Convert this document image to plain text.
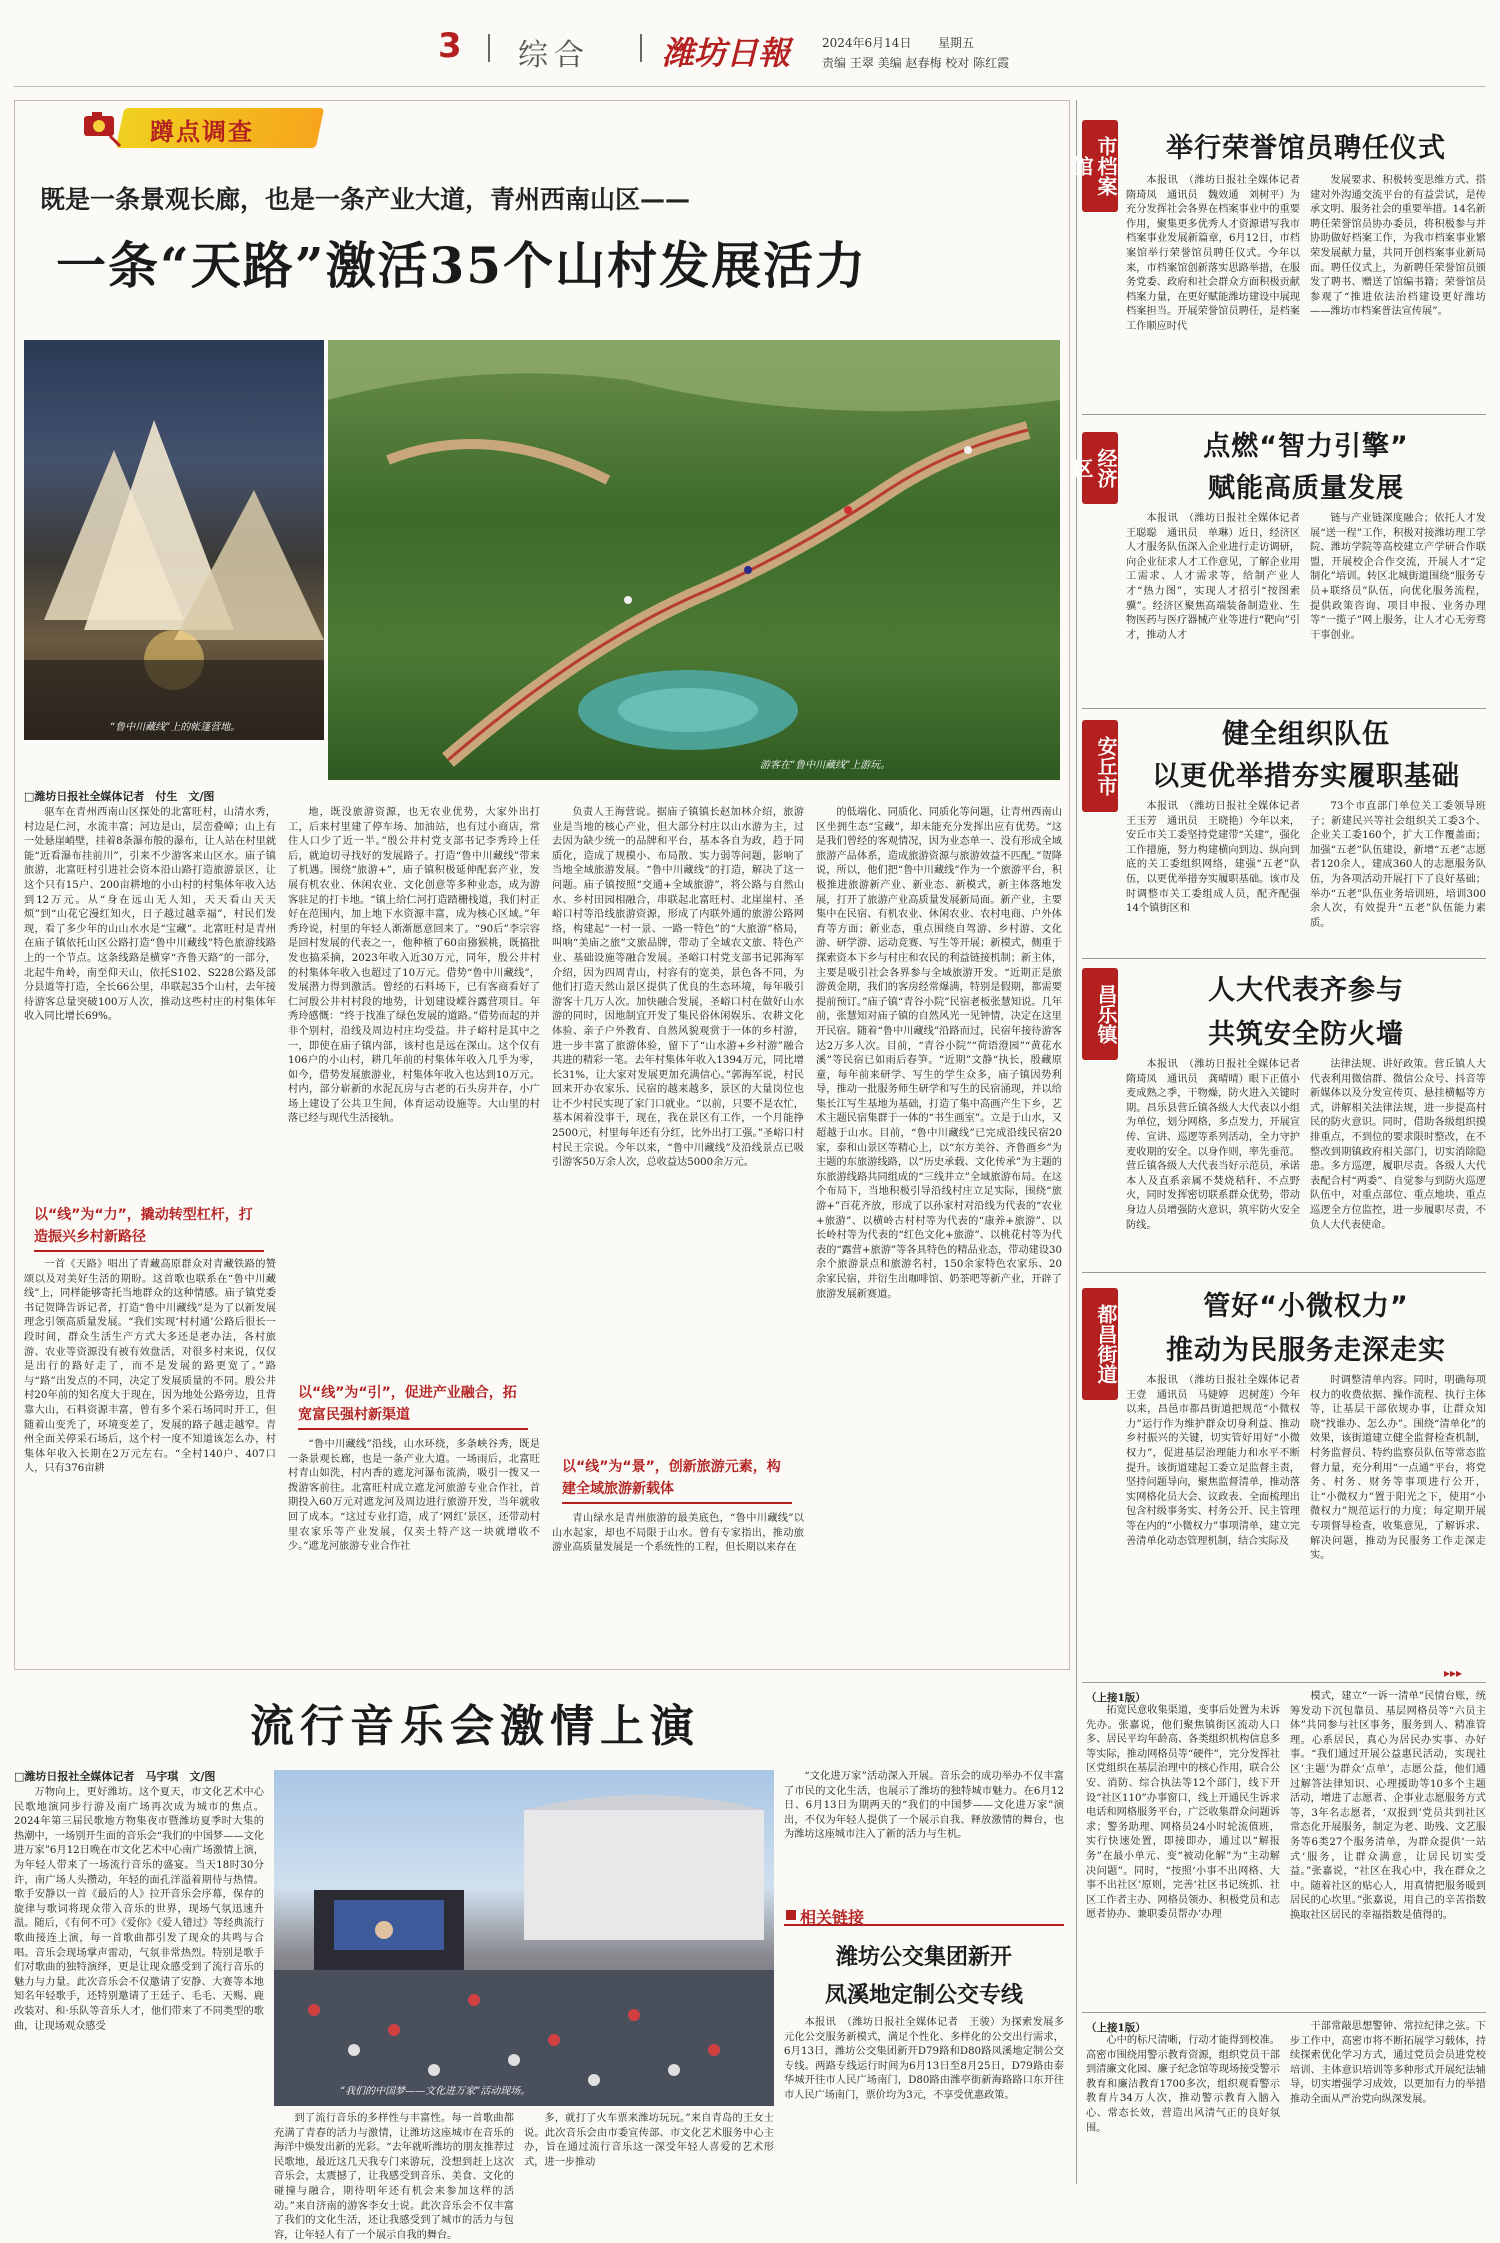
3 综合 潍坊日報	2024年6月14日 星期五
责编 王翠 美编 赵春梅 校对 陈红霞
蹲点调查
既是一条景观长廊，也是一条产业大道，青州西南山区——
一条“天路”激活35个山村发展活力
“鲁中川藏线”上的帐篷营地。
游客在“鲁中川藏线”上游玩。
□潍坊日报社全媒体记者　付生　文/图
驱车在青州西南山区探处的北富旺村，山清水秀，村边是仁河，水流丰富；河边是山，层峦叠嶂；山上有一处悬崖峭壁，挂着8条瀑布般的瀑布，让人站在村里就能“近看瀑布挂前川”，引来不少游客来山区水。庙子镇旅游，北富旺村引进社会资本沿山路打造旅游景区，让这个只有15户、200亩耕地的小山村的村集体年收入达到12万元。从“身在远山无人知，天天看山天天烦”到“山花它漫红知火，日子越过越幸福”，村民们发现，看了多少年的山山水水是“宝藏”。北富旺村是青州在庙子镇依托山区公路打造“鲁中川藏线”特色旅游线路上的一个节点。这条线路是横穿“齐鲁天路”的一部分，北起牛角岭，南至仰天山，依托S102、S228公路及部分县道等打造，全长66公里，串联起35个山村，去年接待游客总量突破100万人次，推动这些村庄的村集体年收入同比增长69%。
以“线”为“力”，撬动转型杠杆，打造振兴乡村新路径
一首《天路》唱出了青藏高原群众对青藏铁路的赞颂以及对美好生活的期盼。这首歌也联系在“鲁中川藏线”上，同样能够寄托当地群众的这种情感。庙子镇党委书记贺降告诉记者，打造“鲁中川藏线”是为了以新发展理念引领高质量发展。“我们实现‘村村通’公路后很长一段时间，群众生活生产方式大多还是老办法，各村旅游、农业等资源没有被有效盘活，对很多村来说，仅仅是出行的路好走了，而不是发展的路更宽了。”路与“路”出发点的不同，决定了发展质量的不同。殷公井村20年前的知名度大于现在，因为地处公路旁边，且背靠大山，石料资源丰富，曾有多个采石场同时开工，但随着山变秃了，环境变差了，发展的路子越走越窄。青州全面关停采石场后，这个村一度不知道该怎么办，村集体年收入长期在2万元左右。“全村140户、407口人，只有376亩耕
地，既没旅游资源，也无农业优势，大家外出打工，后来村里建了停车场、加油站，也有过小商店，常住人口少了近一半。”殷公井村党支部书记李秀玲上任后，就迫切寻找好的发展路子。打造“鲁中川藏线”带来了机遇。围绕“旅游+”，庙子镇积极延伸配套产业，发展有机农业、休闲农业、文化创意等多种业态，成为游客驻足的打卡地。“镇上给仁河打造踏栅栈道，我们村正好在范围内，加上地下水资源丰富，成为核心区域。”年秀玲说，村里的年轻人渐渐愿意回来了。“90后”李宗容是回村发展的代表之一，他种植了60亩猕猴桃，既搞批发也搞采摘，2023年收入近30万元，同年，殷公井村的村集体年收入也超过了10万元。借势“鲁中川藏线”，发展潜力得到激活。曾经的石料场下，已有客商看好了仁河殷公井村村段的地势，计划建设嵘谷露营项目。年秀玲感慨：“终于找准了绿色发展的道路。”借势而起的并非个别村，沿线及周边村庄均受益。井子峪村是其中之一，即使在庙子镇内部，该村也是远在深山。这个仅有106户的小山村，耕几年前的村集体年收入几乎为零，如今，借势发展旅游业，村集体年收入也达到10万元。村内，部分崭新的水泥瓦房与古老的石头房并存，小广场上建设了公共卫生间，体育运动设施等。大山里的村落已经与现代生活接轨。
以“线”为“引”，促进产业融合，拓宽富民强村新渠道
“鲁中川藏线”沿线，山水环绕，多条峡谷秀，既是一条景观长廊，也是一条产业大道。一场雨后，北富旺村青山如洗，村内香的遮龙河瀑布流淌，吸引一拨又一拨游客前往。北富旺村成立遮龙河旅游专业合作社，首期投入60万元对遮龙河及周边进行旅游开发，当年就收回了成本。“这过专业打造，成了‘网红’景区，还带动村里农家乐等产业发展，仅卖土特产这一块就增收不少。”遮龙河旅游专业合作社
负责人王海营说。据庙子镇镇长赵加林介绍，旅游业是当地的核心产业，但大部分村庄以山水游为主，过去因为缺少统一的品牌和平台，基本各自为政，趋于同质化，造成了规模小、布局散、实力弱等问题，影响了当地全域旅游发展。“鲁中川藏线”的打造，解决了这一问题。庙子镇按照“交通+全域旅游”，将公路与自然山水、乡村田园相融合，串联起北富旺村、北崖崖村、圣峪口村等沿线旅游资源，形成了内联外通的旅游公路网络，构建起“一村一景、一路一特色”的“大旅游”格局，叫响“美庙之旅”文旅品牌，带动了全域农文旅、特色产业、基础设施等融合发展。圣峪口村党支部书记郭海军介绍，因为四周青山，村容有的宽美，景色各不同，为他们打造天然山景区提供了优良的生态环境，每年吸引游客十几万人次。加快融合发展，圣峪口村在做好山水游的同时，因地制宜开发了集民俗休闲娱乐、农耕文化体验、亲子户外教育、自然风貌观赏于一体的乡村游，进一步丰富了旅游体验，留下了“山水游+乡村游”融合共进的精彩一笔。去年村集体年收入1394万元，同比增长31%，让大家对发展更加充满信心。”郭海军说，村民回来开办农家乐、民宿的越来越多，景区的大量岗位也让不少村民实现了家门口就业。“以前，只要不是农忙，基本闲着没事干，现在，我在景区有工作，一个月能挣2500元，村里每年还有分红，比外出打工强。”圣峪口村村民王宗说。今年以来，“鲁中川藏线”及沿线景点已吸引游客50万余人次，总收益达5000余万元。
以“线”为“景”，创新旅游元素，构建全域旅游新载体
青山绿水是青州旅游的最美底色，“鲁中川藏线”以山水起家，却也不局限于山水。曾有专家指出，推动旅游业高质量发展是一个系统性的工程，但长期以来存在
的低端化、同质化、同质化等问题，让青州西南山区坐拥生态“宝藏”，却未能充分发挥出应有优势。“这是我们曾经的客观情况，因为业态单一、没有形成全域旅游产品体系，造成旅游资源与旅游效益不匹配。”贺降说，所以，他们把“鲁中川藏线”作为一个旅游平台，积极推进旅游新产业、新业态、新模式，新主体落地发展，打开了旅游产业高质量发展新局面。新产业，主要集中在民宿、有机农业、休闲农业、农村电商、户外体育等方面；新业态，重点围绕自驾游、乡村游、文化游、研学游、运动竞赛、写生等开展；新模式，侧重于探索资本下乡与村庄和农民的利益链接机制；新主体，主要是吸引社会各界参与全域旅游开发。“近期正是旅游黄金期，我们的客房经常爆满，特别是假期，都需要提前预订。”庙子镇“青谷小院”民宿老板张慧知说。几年前，张慧知对庙子镇的自然风光一见钟情，决定在这里开民宿。随着“鲁中川藏线”沿路而过，民宿年接待游客达2万多人次。目前，“青谷小院”“荷语澄园”“黄花水溪”等民宿已如雨后春笋。“近期”文静“执长，殷藏原童，每年前来研学、写生的学生众多，庙子镇因势利导，推动一批服务师生研学和写生的民宿涌现，并以给集长江写生基地为基础，打造了集中高画产生下乡，艺术主题民宿集群于一体的“书生画室”。立是于山水，又超越于山水。目前，“鲁中川藏线”已完成沿线民宿20家，泰和山景区等精心上，以“东方美谷、齐鲁画乡”为主题的东旅游线路，以“历史承载、文化传承”为主题的东旅游线路共同组成的“三线并立”全域旅游布局。在这个布局下，当地积极引导沿线村庄立足实际，围绕“旅游+”百花齐放，形成了以孙家村对沿线为代表的“农业+旅游”、以横岭古村村等为代表的“康养+旅游”、以长岭村等为代表的“红色文化+旅游”、以桃花村等为代表的“露营+旅游”等各具特色的精品业态，带动建设30余个旅游景点和旅游名村，150余家特色农家乐、20余家民宿，并衍生出咖啡馆、奶茶吧等新产业，开辟了旅游发展新赛道。
流行音乐会激情上演
□潍坊日报社全媒体记者　马宇琪　文/图
万物向上，更好潍坊。这个夏天，市文化艺术中心民歌地演同步行游及南广场再次成为城市的焦点。2024年第三届民歌地方物集夜市暨潍坊夏季时大集的热潮中，一场别开生面的音乐会“我们的中国梦——文化进万家”6月12日晚在市文化艺术中心南广场激情上演，为年轻人带来了一场流行音乐的盛宴。当天18时30分许，南广场人头攒动，年轻的面孔洋溢着期待与热情。歌手安静以一首《最后的人》拉开音乐会序幕，保存的旋律与歌词将现众带入音乐的世界，现场气氛迅速升温。随后，《有何不可》《爱你》《爱人错过》等经典流行歌曲接连上演，每一首歌曲都引发了现众的共鸣与合唱。音乐会现场掌声雷动，气氛非常热烈。特别是歌手们对歌曲的独特演绎，更是让现众感受到了流行音乐的魅力与力量。此次音乐会不仅邀请了安静、大赛等本地知名年轻歌手，还特别邀请了王廷子、毛毛、天赐、鹿改装对、和·乐队等音乐人才，他们带来了不同类型的歌曲，让现场观众感受
“我们的中国梦——文化进万家”活动现场。
到了流行音乐的多样性与丰富性。每一首歌曲都充满了青春的活力与激情，让潍坊这座城市在音乐的海洋中焕发出新的光彩。“去年就听潍坊的朋友推荐过民歌地，最近这几天我专门来游玩，没想到赶上这次音乐会，太震撼了，让我感受到音乐、美食、文化的碰撞与融合，期待明年还有机会来参加这样的活动。”来自济南的游客李女士说。此次音乐会不仅丰富了我们的文化生活，还让我感受到了城市的活力与包容，让年轻人有了一个展示自我的舞台。
多，就打了火车票来潍坊玩玩。”来自青岛的王女士说。此次音乐会由市委宣传部、市文化艺术服务中心主办，旨在通过流行音乐这一深受年轻人喜爱的艺术形式，进一步推动
“文化进万家”活动深入开展。音乐会的成功举办不仅丰富了市民的文化生活，也展示了潍坊的独特城市魅力。在6月12日、6月13日为期两天的“我们的中国梦——文化进万家”演出，不仅为年轻人提供了一个展示自我、释放激情的舞台，也为潍坊这座城市注入了新的活力与生机。
相关链接
潍坊公交集团新开
凤溪地定制公交专线
本报讯　（潍坊日报社全媒体记者　王骏）为探索发展多元化公交服务新模式，满足个性化、多样化的公交出行需求，6月13日，潍坊公交集团新开D79路和D80路凤溪地定制公交专线。两路专线运行时间为6月13日至8月25日，D79路由泰华城开往市人民广场南门，D80路由潍亭街新海路路口东开往市人民广场南门，票价均为3元，不享受优惠政策。
市档案馆
举行荣誉馆员聘任仪式
本报讯　（潍坊日报社全媒体记者　隋琦凤　通讯员　魏效通　刘树平）为充分发挥社会各界在档案事业中的重要作用，聚集更多优秀人才资源谱写我市档案事业发展新篇章，6月12日，市档案馆举行荣誉馆员聘任仪式。今年以来，市档案馆创新落实思路举措，在服务党委、政府和社会群众方面积极贡献档案力量，在更好赋能潍坊建设中展现档案担当。开展荣誉馆员聘任，是档案工作顺应时代
发展要求、积极转变思维方式、搭建对外沟通交流平台的有益尝试，是传承文明、服务社会的重要举措。14名新聘任荣誉馆员协办委员，将积极参与并协助做好档案工作，为我市档案事业繁荣发展献力量，共同开创档案事业新局面。聘任仪式上，为新聘任荣誉馆员颁发了聘书、赠送了馆编书籍；荣誉馆员参观了“推进依法治档建设更好潍坊——潍坊市档案普法宣传展”。
经济区
点燃“智力引擎”
赋能高质量发展
本报讯　（潍坊日报社全媒体记者　王聪聪　通讯员　单琳）近日，经济区人才服务队伍深入企业进行走访调研，向企业征求人才工作意见，了解企业用工需求、人才需求等，给制产业人才“热力图”，实现人才招引“按图索骥”。经济区聚焦高端装备制造业、生物医药与医疗器械产业等进行“靶向”引才，推动人才
链与产业链深度融合；依托人才发展“送一程”工作，积极对接潍坊理工学院、潍坊学院等高校建立产学研合作联盟，开展校企合作交流，开展人才“定制化”培训。转区北城街道围绕“服务专员+联络员”队伍，向优化服务流程，提供政策咨询、项目申报、业务办理等“一揽子”网上服务，让人才心无旁骛干事创业。
安丘市
健全组织队伍
以更优举措夯实履职基础
本报讯　（潍坊日报社全媒体记者　王玉芳　通讯员　王晓艳）今年以来，安丘市关工委坚持党建带“关建”，强化工作措施，努力构建横向到边、纵向到底的关工委组织网络，建强“五老”队伍，以更优举措夯实履职基础。该市及时调整市关工委组成人员，配齐配强14个镇街区和
73个市直部门单位关工委领导班子；新建民兴等社会组织关工委3个、企业关工委160个，扩大工作覆盖面；加强“五老”队伍建设，新增“五老”志愿者120余人，建成360人的志愿服务队伍，为各项活动开展打下了良好基础；举办“五老”队伍业务培训班，培训300余人次，有效提升“五老”队伍能力素质。
昌乐镇	人大代表齐参与
共筑安全防火墙
本报讯　（潍坊日报社全媒体记者　隋琦凤　通讯员　龚晴晴）眼下正值小麦成熟之季，干物燥，防火进入关键时期。昌乐县营丘镇各级人大代表以小组为单位，划分网格，多点发力，开展宣传、宣讲、巡逻等系列活动，全力守护麦收期的安全。以身作则，率先垂范。营丘镇各级人大代表当好示范员，承诺本人及直系亲属不焚烧秸秆、不点野火，同时发挥密切联系群众优势，带动身边人员增强防火意识，筑牢防火安全防线。
法律法规、讲好政策。营丘镇人大代表利用微信群、微信公众号、抖音等新媒体以及分发宣传页、悬挂横幅等方式，讲解相关法律法规，进一步提高村民的防火意识。同时，借助各级组织摸排重点，不到位的要求限时整改，在不整改到期镇政府相关部门，切实消除隐患。多方巡逻，履职尽责。各级人大代表配合村“两委”、自觉参与到防火巡逻队伍中，对重点部位、重点地块、重点巡逻全方位监控，进一步履职尽责，不负人大代表使命。
都昌街道	管好“小微权力”
推动为民服务走深走实
本报讯　（潍坊日报社全媒体记者　王壹　通讯员　马婕婷　迟树莲）今年以来，昌邑市都昌街道把规范“小微权力”运行作为维护群众切身利益、推动乡村振兴的关键，切实管好用好“小微权力”，促进基层治理能力和水平不断提升。该街道建起工委立足监督主责，坚持问题导向，聚焦监督清单，推动落实网格化员大会、议政表、全面梳理出包含村级事务实、村务公开、民主管理等在内的“小微权力”事项清单，建立完善清单化动态管理机制，结合实际及
时调整清单内容。同时，明确每项权力的收费依据、操作流程、执行主体等，让基层干部依规办事，让群众知晓“找谁办、怎么办”。围绕“清单化”的效果，该街道建立健全监督检查机制，村务监督员、特约监察员队伍等常态监督力量，充分利用“一点通”平台，将党务、村务、财务等事项进行公开，让“小微权力”置于阳光之下，使用“小微权力”规范运行的力度；每定期开展专项督导检查，收集意见，了解诉求、解决问题，推动为民服务工作走深走实。
▸▸▸
（上接1版）
拓宽民意收集渠道，变事后处置为未诉先办。张嘉说，他们聚焦镇街区流动人口多、居民平均年龄高、各类组织机构信息多等实际，推动网格员等“硬件”，完分发挥社区党组织在基层治理中的核心作用，联合公安、消防、综合执法等12个部门，线下开设“社区110”办事窗口，线上开通民生诉求电话和网格服务平台，广泛收集群众问题诉求；警务助理、网格员24小时轮流值班，实行快速处置，即接即办，通过以“解报务”在最小单元、变“被动化解”为“主动解决问题”。同时，“按照‘小事不出网格、大事不出社区’原则，完善‘社区书记统抓、社区工作者主办、网格员领办、积极党员和志愿者协办、兼职委员帮办’办理
模式，建立“一诉一清单”民情台账，统筹发动下沉包靠员、基层网格员等“六员主体”共同参与社区事务，服务到人、精准管理。心系居民，真心为居民办实事、办好事。“我们通过开展公益惠民活动，实现社区‘主题’为群众‘点单’，志愿公益，他们通过解答法律知识、心理援助等10多个主题活动，增进了志愿者、企事业志愿服务方式等，3年名志愿者，‘双报到’党员共到社区常态化开展服务，制定为老、助残、文艺服务等6类27个服务清单，为群众提供‘一站式’服务，让群众满意，让居民切实受益。”张嘉说，“社区在我心中，我在群众之中。随着社区的贴心人，用真情把服务暖到居民的心坎里。”张嘉说，用自己的辛苦指数换取社区居民的幸福指数是值得的。
（上接1版）
心中的标尺清晰，行动才能得到校准。高密市围绕用警示教育资源，组织党员干部到清廉文化园、廉子纪念馆等现场接受警示教育和廉洁教育1700多次，组织观看警示教育片34万人次，推动警示教育入脑入心、常态长效，营造出风清气正的良好氛围。
干部常敲思想警钟、常拉纪律之弦。下步工作中，高密市将不断拓展学习载体，持续探索优化学习方式，通过党员会员进党校培训、主体意识培训等多种形式开展纪法辅导，切实增强学习成效，以更加有力的举措推动全面从严治党向纵深发展。
